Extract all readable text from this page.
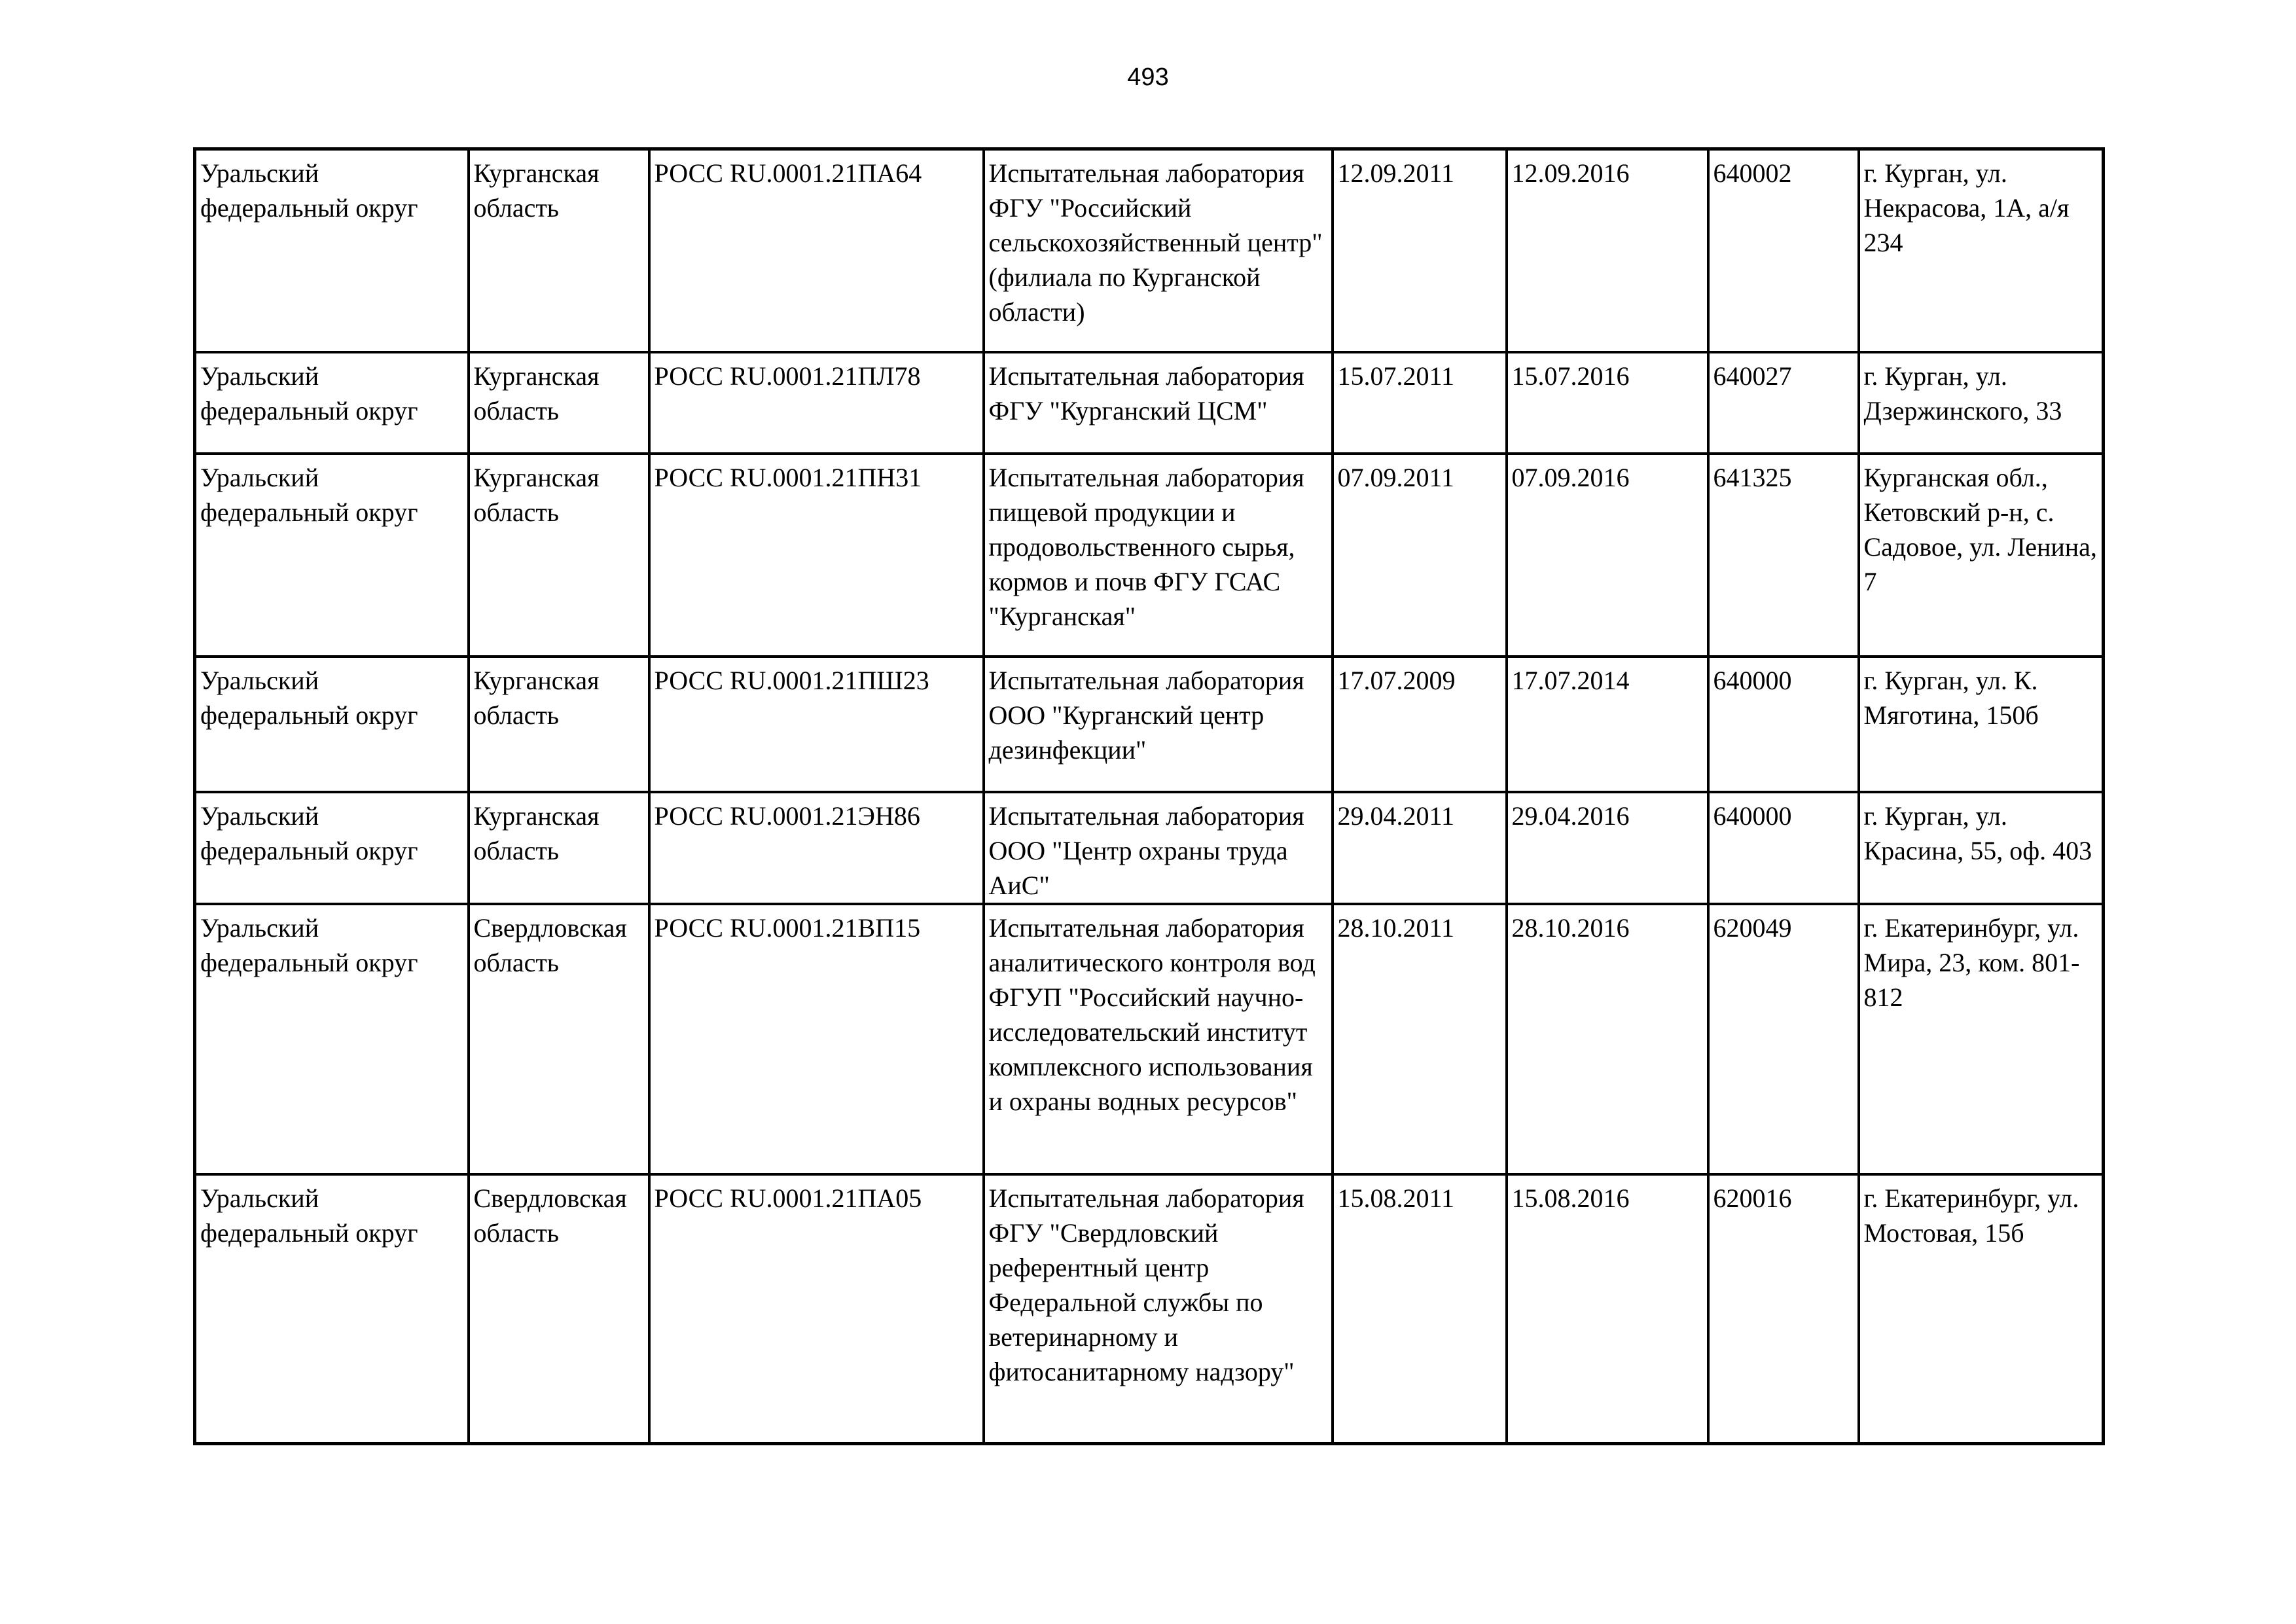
493
Уральский федеральный округ	Курганская область	РОСС RU.0001.21ПА64	Испытательная лаборатория ФГУ "Российский сельскохозяйственный центр" (филиала по Курганской области)	12.09.2011	12.09.2016	640002	г. Курган, ул. Некрасова, 1А, а/я 234
Уральский федеральный округ	Курганская область	РОСС RU.0001.21ПЛ78	Испытательная лаборатория ФГУ "Курганский ЦСМ"	15.07.2011	15.07.2016	640027	г. Курган, ул. Дзержинского, 33
Уральский федеральный округ	Курганская область	РОСС RU.0001.21ПН31	Испытательная лаборатория пищевой продукции и продовольственного сырья, кормов и почв ФГУ ГСАС "Курганская"	07.09.2011	07.09.2016	641325	Курганская обл., Кетовский р-н, с. Садовое, ул. Ленина, 7
Уральский федеральный округ	Курганская область	РОСС RU.0001.21ПШ23	Испытательная лаборатория ООО "Курганский центр дезинфекции"	17.07.2009	17.07.2014	640000	г. Курган, ул. К. Мяготина, 150б
Уральский федеральный округ	Курганская область	РОСС RU.0001.21ЭН86	Испытательная лаборатория ООО "Центр охраны труда АиС"	29.04.2011	29.04.2016	640000	г. Курган, ул. Красина, 55, оф. 403
Уральский федеральный округ	Свердловская область	РОСС RU.0001.21ВП15	Испытательная лаборатория аналитического контроля вод ФГУП "Российский научно-исследовательский институт комплексного использования и охраны водных ресурсов"	28.10.2011	28.10.2016	620049	г. Екатеринбург, ул. Мира, 23, ком. 801-812
Уральский федеральный округ	Свердловская область	РОСС RU.0001.21ПА05	Испытательная лаборатория ФГУ "Свердловский референтный центр Федеральной службы по ветеринарному и фитосанитарному надзору"	15.08.2011	15.08.2016	620016	г. Екатеринбург, ул. Мостовая, 15б
